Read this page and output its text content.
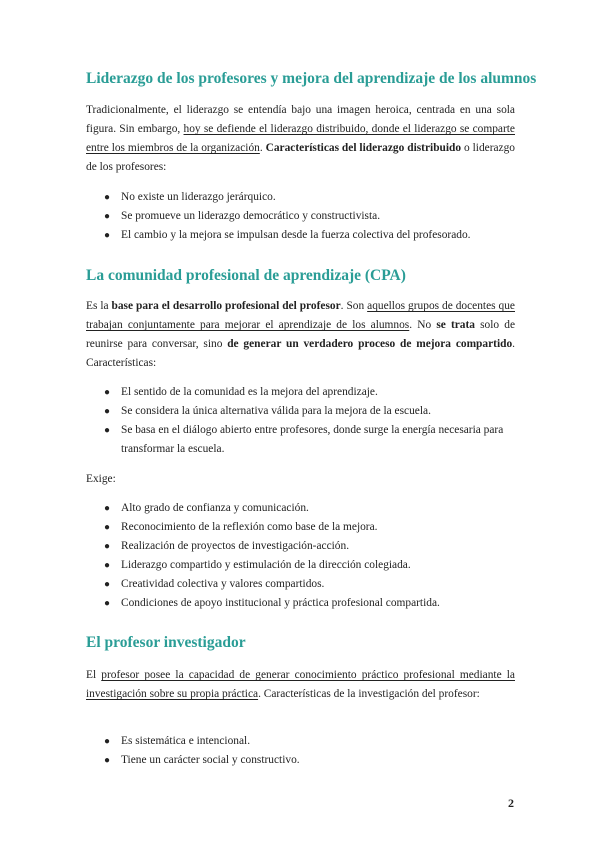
Liderazgo de los profesores y mejora del aprendizaje de los alumnos

Tradicionalmente, el liderazgo se entendía bajo una imagen heroica, centrada en una sola figura. Sin embargo, hoy se defiende el liderazgo distribuido, donde el liderazgo se comparte entre los miembros de la organización. Características del liderazgo distribuido o liderazgo de los profesores:

● No existe un liderazgo jerárquico.
● Se promueve un liderazgo democrático y constructivista.
● El cambio y la mejora se impulsan desde la fuerza colectiva del profesorado.
La comunidad profesional de aprendizaje (CPA)

Es la base para el desarrollo profesional del profesor. Son aquellos grupos de docentes que trabajan conjuntamente para mejorar el aprendizaje de los alumnos. No se trata solo de reunirse para conversar, sino de generar un verdadero proceso de mejora compartido. Características:

● El sentido de la comunidad es la mejora del aprendizaje.
● Se considera la única alternativa válida para la mejora de la escuela.
● Se basa en el diálogo abierto entre profesores, donde surge la energía necesaria para transformar la escuela.

Exige:

● Alto grado de confianza y comunicación.
● Reconocimiento de la reflexión como base de la mejora.
● Realización de proyectos de investigación-acción.
● Liderazgo compartido y estimulación de la dirección colegiada.
● Creatividad colectiva y valores compartidos.
● Condiciones de apoyo institucional y práctica profesional compartida.
El profesor investigador

El profesor posee la capacidad de generar conocimiento práctico profesional mediante la investigación sobre su propia práctica. Características de la investigación del profesor:

● Es sistemática e intencional.
● Tiene un carácter social y constructivo.
2
